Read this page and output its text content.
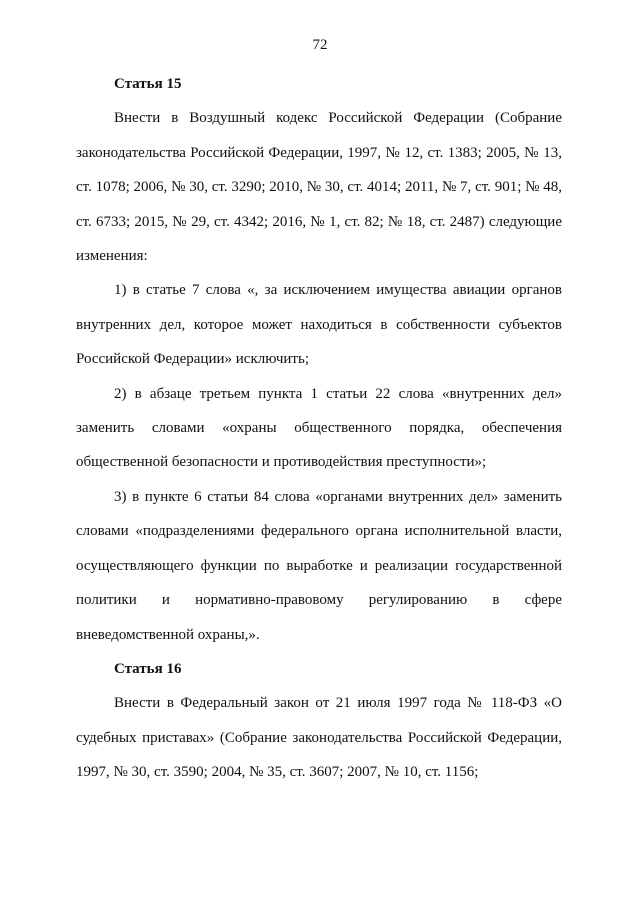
72

Статья 15

Внести в Воздушный кодекс Российской Федерации (Собрание законодательства Российской Федерации, 1997, № 12, ст. 1383; 2005, № 13, ст. 1078; 2006, № 30, ст. 3290; 2010, № 30, ст. 4014; 2011, № 7, ст. 901; № 48, ст. 6733; 2015, № 29, ст. 4342; 2016, № 1, ст. 82; № 18, ст. 2487) следующие изменения:

1) в статье 7 слова «, за исключением имущества авиации органов внутренних дел, которое может находиться в собственности субъектов Российской Федерации» исключить;

2) в абзаце третьем пункта 1 статьи 22 слова «внутренних дел» заменить словами «охраны общественного порядка, обеспечения общественной безопасности и противодействия преступности»;

3) в пункте 6 статьи 84 слова «органами внутренних дел» заменить словами «подразделениями федерального органа исполнительной власти, осуществляющего функции по выработке и реализации государственной политики и нормативно-правовому регулированию в сфере вневедомственной охраны,».

Статья 16

Внести в Федеральный закон от 21 июля 1997 года № 118-ФЗ «О судебных приставах» (Собрание законодательства Российской Федерации, 1997, № 30, ст. 3590; 2004, № 35, ст. 3607; 2007, № 10, ст. 1156;
